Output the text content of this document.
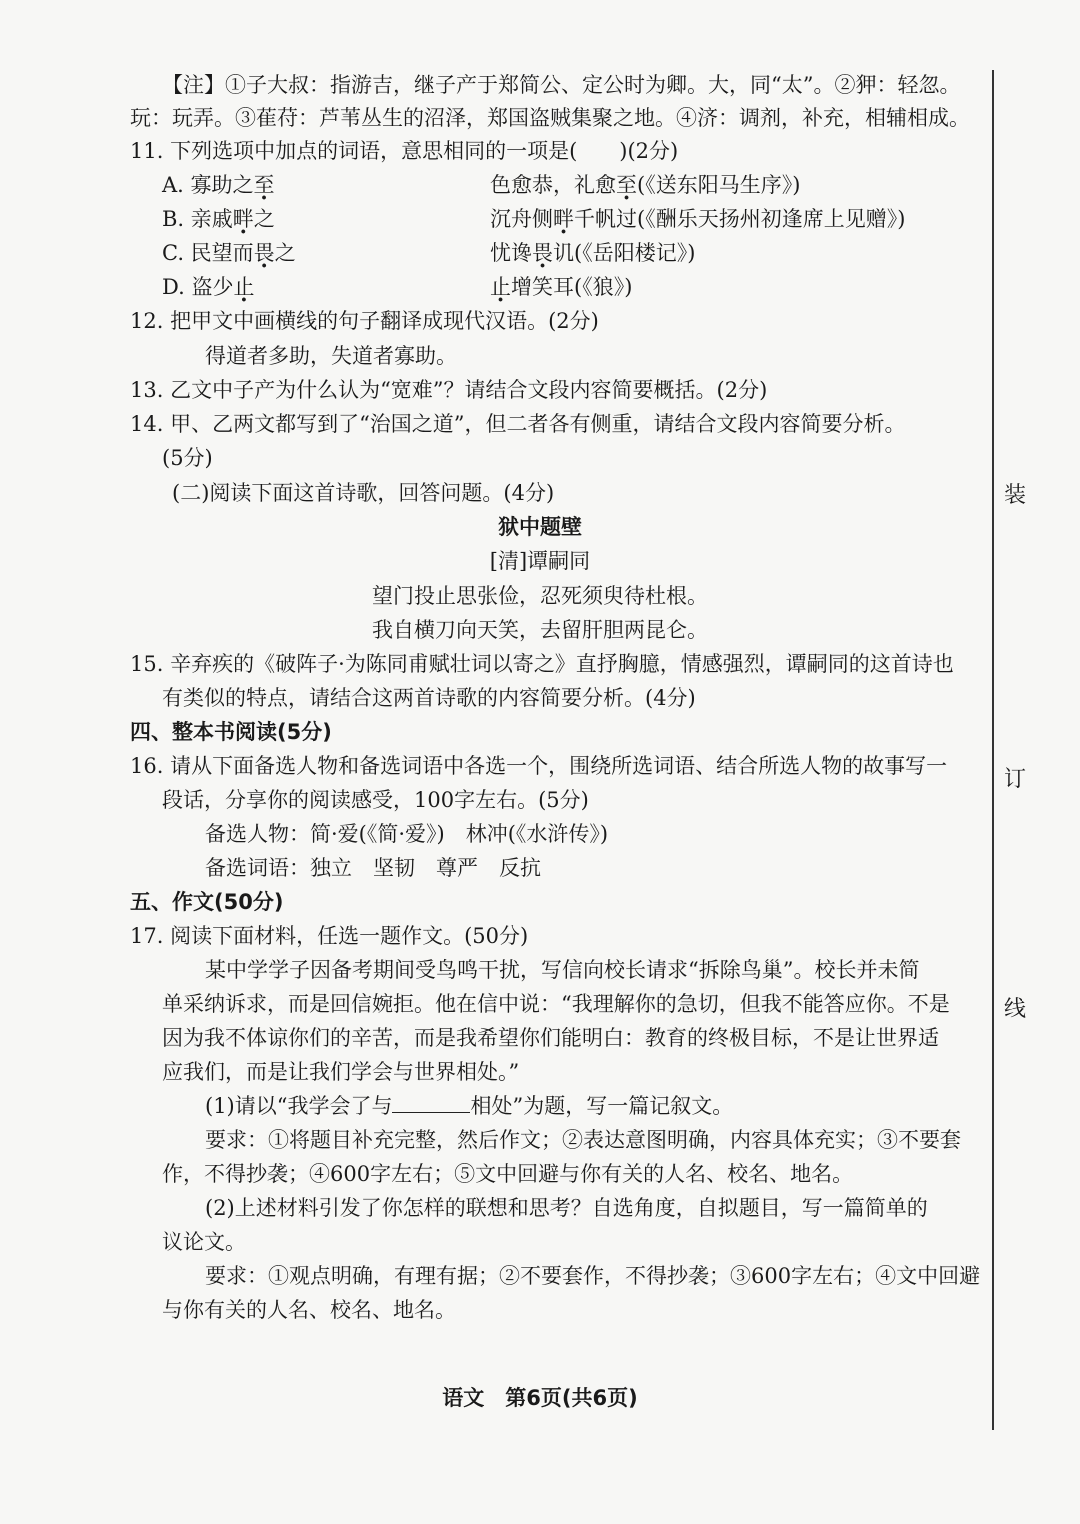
【注】①子大叔：指游吉，继子产于郑简公、定公时为卿。大，同“太”。②狎：轻忽。
玩：玩弄。③萑苻：芦苇丛生的沼泽，郑国盗贼集聚之地。④济：调剂，补充，相辅相成。
11. 下列选项中加点的词语，意思相同的一项是(　　)(2分)
A. 寡助之至	色愈恭，礼愈至(《送东阳马生序》)
B. 亲戚畔之	沉舟侧畔千帆过(《酬乐天扬州初逢席上见赠》)
C. 民望而畏之	忧谗畏讥(《岳阳楼记》)
D. 盗少止	止增笑耳(《狼》)
12. 把甲文中画横线的句子翻译成现代汉语。(2分)
得道者多助，失道者寡助。
13. 乙文中子产为什么认为“宽难”？请结合文段内容简要概括。(2分)
14. 甲、乙两文都写到了“治国之道”，但二者各有侧重，请结合文段内容简要分析。
(5分)
(二)阅读下面这首诗歌，回答问题。(4分)
狱中题壁
[清]谭嗣同
望门投止思张俭，忍死须臾待杜根。
我自横刀向天笑，去留肝胆两昆仑。
15. 辛弃疾的《破阵子·为陈同甫赋壮词以寄之》直抒胸臆，情感强烈，谭嗣同的这首诗也
有类似的特点，请结合这两首诗歌的内容简要分析。(4分)
四、整本书阅读(5分)
16. 请从下面备选人物和备选词语中各选一个，围绕所选词语、结合所选人物的故事写一
段话，分享你的阅读感受，100字左右。(5分)
备选人物：简·爱(《简·爱》)　林冲(《水浒传》)
备选词语：独立　坚韧　尊严　反抗
五、作文(50分)
17. 阅读下面材料，任选一题作文。(50分)
某中学学子因备考期间受鸟鸣干扰，写信向校长请求“拆除鸟巢”。校长并未简
单采纳诉求，而是回信婉拒。他在信中说：“我理解你的急切，但我不能答应你。不是
因为我不体谅你们的辛苦，而是我希望你们能明白：教育的终极目标，不是让世界适
应我们，而是让我们学会与世界相处。”
(1)请以“我学会了与	相处”为题，写一篇记叙文。
要求：①将题目补充完整，然后作文；②表达意图明确，内容具体充实；③不要套
作，不得抄袭；④600字左右；⑤文中回避与你有关的人名、校名、地名。
(2)上述材料引发了你怎样的联想和思考？自选角度，自拟题目，写一篇简单的
议论文。
要求：①观点明确，有理有据；②不要套作，不得抄袭；③600字左右；④文中回避
与你有关的人名、校名、地名。
语文　第6页(共6页)
装
订
线
